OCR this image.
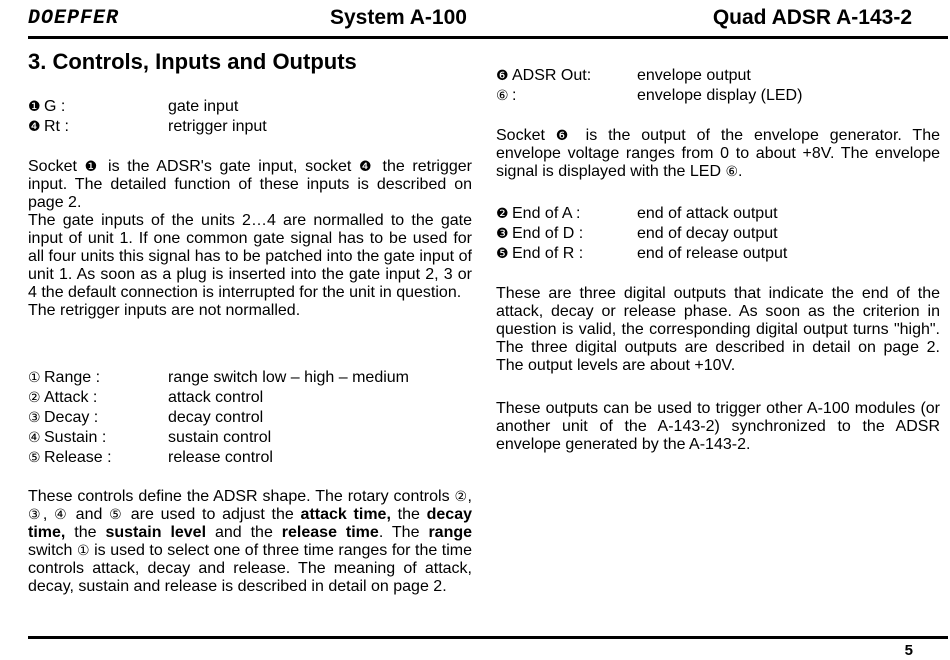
DOEPFER	System A-100	Quad ADSR A-143-2
3. Controls, Inputs and Outputs
❶ G :	gate input
❹ Rt :	retrigger input

Socket ❶ is the ADSR's gate input, socket ❹ the retrigger input. The detailed function of these inputs is described on page 2.

The gate inputs of the units 2…4 are normalled to the gate input of unit 1. If one common gate signal has to be used for all four units this signal has to be patched into the gate input of unit 1. As soon as a plug is inserted into the gate input 2, 3 or 4 the default connection is interrupted for the unit in question.

The retrigger inputs are not normalled.

① Range :	range switch low – high – medium
② Attack :	attack control
③ Decay :	decay control
④ Sustain :	sustain control
⑤ Release :	release control

These controls define the ADSR shape. The rotary controls ②, ③, ④ and ⑤ are used to adjust the attack time, the decay time, the sustain level and the release time. The range switch ① is used to select one of three time ranges for the time controls attack, decay and release. The meaning of attack, decay, sustain and release is described in detail on page 2.

❻ ADSR Out:	envelope output
⑥ :	envelope display (LED)

Socket ❻ is the output of the envelope generator. The envelope voltage ranges from 0 to about +8V. The envelope signal is displayed with the LED ⑥.

❷ End of A :	end of attack output
❸ End of D :	end of decay output
❺ End of R :	end of release output

These are three digital outputs that indicate the end of the attack, decay or release phase. As soon as the criterion in question is valid, the corresponding digital output turns "high". The three digital outputs are described in detail on page 2. The output levels are about +10V.

These outputs can be used to trigger other A-100 modules (or another unit of the A-143-2) synchronized to the ADSR envelope generated by the A-143-2.

5
